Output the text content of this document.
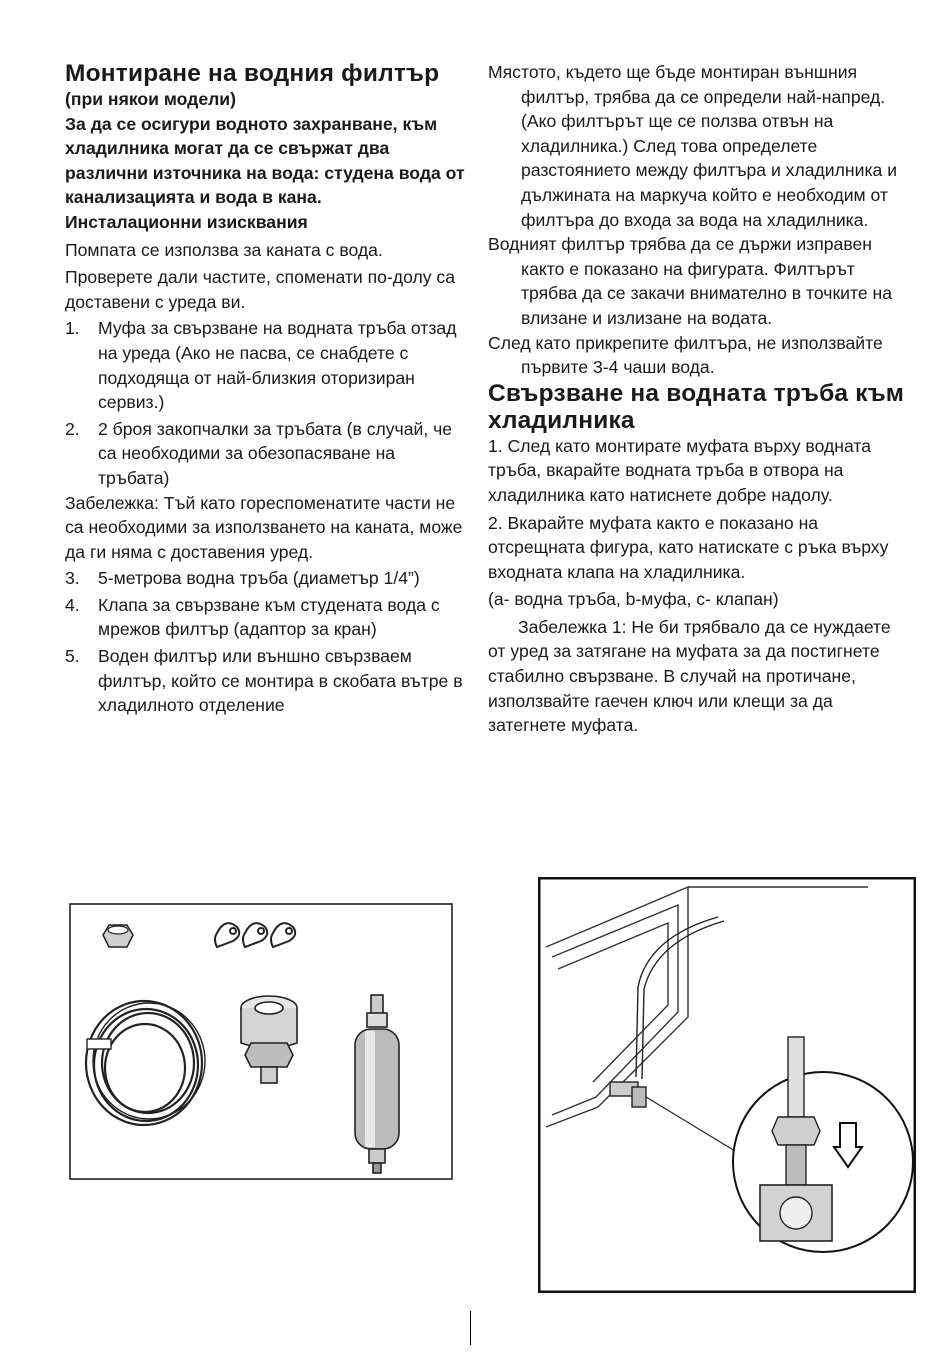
Монтиране на водния филтър

(при някои модели)

За да се осигури водното захранване, към хладилника могат да се свържат два различни източника на вода: студена вода от канализацията и вода в кана.

Инсталационни изисквания

Помпата се използва за каната с вода.

Проверете дали частите, споменати по-долу са доставени с уреда ви.

1. Муфа за свързване на водната тръба отзад на уреда (Ако не пасва, се снабдете с подходяща от най-близкия оторизиран сервиз.)
2. 2 броя закопчалки за тръбата (в случай, че са необходими за обезопасяване на тръбата)

Забележка: Тъй като гореспоменатите части не са необходими за използването на каната, може да ги няма с доставения уред.

3. 5-метрова водна тръба (диаметър 1/4”)
4. Клапа за свързване към студената вода с мрежов филтър (адаптор за кран)
5. Воден филтър или външно свързваем филтър, който се монтира в скобата вътре в хладилното отделение

Мястото, където ще бъде монтиран външния филтър, трябва да се определи най-напред. (Ако филтърът ще се ползва отвън на хладилника.) След това определете разстоянието между филтъра и хладилника и дължината на маркуча който е необходим от филтъра до входа за вода на хладилника.

Водният филтър трябва да се държи изправен както е показано на фигурата. Филтърът трябва да се закачи внимателно в точките на влизане и излизане на водата.

След като прикрепите филтъра, не използвайте първите 3-4 чаши вода.

Свързване на водната тръба към хладилника

1. След като монтирате муфата върху водната тръба, вкарайте водната тръба в отвора на хладилника като натиснете добре надолу.

2. Вкарайте муфата както е показано на отсрещната фигура, като натискате с ръка върху входната клапа на хладилника.

(a- водна тръба, b-муфа, c- клапан)

Забележка 1: Не би трябвало да се нуждаете от уред за затягане на муфата за да постигнете стабилно свързване. В случай на протичане, използвайте гаечен ключ или клещи за да затегнете муфата.
